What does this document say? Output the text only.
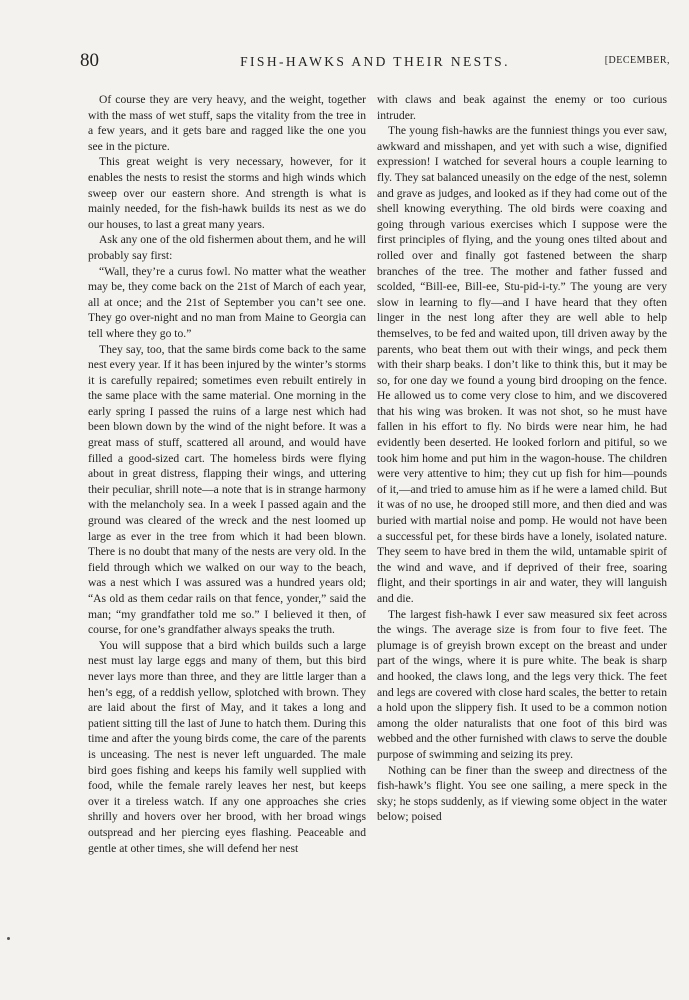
80	FISH-HAWKS AND THEIR NESTS.	[DECEMBER,

Of course they are very heavy, and the weight, together with the mass of wet stuff, saps the vitality from the tree in a few years, and it gets bare and ragged like the one you see in the picture.

This great weight is very necessary, however, for it enables the nests to resist the storms and high winds which sweep over our eastern shore. And strength is what is mainly needed, for the fish-hawk builds its nest as we do our houses, to last a great many years.

Ask any one of the old fishermen about them, and he will probably say first:

“Wall, they’re a curus fowl. No matter what the weather may be, they come back on the 21st of March of each year, all at once; and the 21st of September you can’t see one. They go over-night and no man from Maine to Georgia can tell where they go to.”

They say, too, that the same birds come back to the same nest every year. If it has been injured by the winter’s storms it is carefully repaired; sometimes even rebuilt entirely in the same place with the same material. One morning in the early spring I passed the ruins of a large nest which had been blown down by the wind of the night before. It was a great mass of stuff, scattered all around, and would have filled a good-sized cart. The homeless birds were flying about in great distress, flapping their wings, and uttering their peculiar, shrill note—a note that is in strange harmony with the melancholy sea. In a week I passed again and the ground was cleared of the wreck and the nest loomed up large as ever in the tree from which it had been blown. There is no doubt that many of the nests are very old. In the field through which we walked on our way to the beach, was a nest which I was assured was a hundred years old; “As old as them cedar rails on that fence, yonder,” said the man; “my grandfather told me so.” I believed it then, of course, for one’s grandfather always speaks the truth.

You will suppose that a bird which builds such a large nest must lay large eggs and many of them, but this bird never lays more than three, and they are little larger than a hen’s egg, of a reddish yellow, splotched with brown. They are laid about the first of May, and it takes a long and patient sitting till the last of June to hatch them. During this time and after the young birds come, the care of the parents is unceasing. The nest is never left unguarded. The male bird goes fishing and keeps his family well supplied with food, while the female rarely leaves her nest, but keeps over it a tireless watch. If any one approaches she cries shrilly and hovers over her brood, with her broad wings outspread and her piercing eyes flashing. Peaceable and gentle at other times, she will defend her nest

with claws and beak against the enemy or too curious intruder.

The young fish-hawks are the funniest things you ever saw, awkward and misshapen, and yet with such a wise, dignified expression! I watched for several hours a couple learning to fly. They sat balanced uneasily on the edge of the nest, solemn and grave as judges, and looked as if they had come out of the shell knowing everything. The old birds were coaxing and going through various exercises which I suppose were the first principles of flying, and the young ones tilted about and rolled over and finally got fastened between the sharp branches of the tree. The mother and father fussed and scolded, “Bill-ee, Bill-ee, Stu-pid-i-ty.” The young are very slow in learning to fly—and I have heard that they often linger in the nest long after they are well able to help themselves, to be fed and waited upon, till driven away by the parents, who beat them out with their wings, and peck them with their sharp beaks. I don’t like to think this, but it may be so, for one day we found a young bird drooping on the fence. He allowed us to come very close to him, and we discovered that his wing was broken. It was not shot, so he must have fallen in his effort to fly. No birds were near him, he had evidently been deserted. He looked forlorn and pitiful, so we took him home and put him in the wagon-house. The children were very attentive to him; they cut up fish for him—pounds of it,—and tried to amuse him as if he were a lamed child. But it was of no use, he drooped still more, and then died and was buried with martial noise and pomp. He would not have been a successful pet, for these birds have a lonely, isolated nature. They seem to have bred in them the wild, untamable spirit of the wind and wave, and if deprived of their free, soaring flight, and their sportings in air and water, they will languish and die.

The largest fish-hawk I ever saw measured six feet across the wings. The average size is from four to five feet. The plumage is of greyish brown except on the breast and under part of the wings, where it is pure white. The beak is sharp and hooked, the claws long, and the legs very thick. The feet and legs are covered with close hard scales, the better to retain a hold upon the slippery fish. It used to be a common notion among the older naturalists that one foot of this bird was webbed and the other furnished with claws to serve the double purpose of swimming and seizing its prey.

Nothing can be finer than the sweep and directness of the fish-hawk’s flight. You see one sailing, a mere speck in the sky; he stops suddenly, as if viewing some object in the water below; poised
